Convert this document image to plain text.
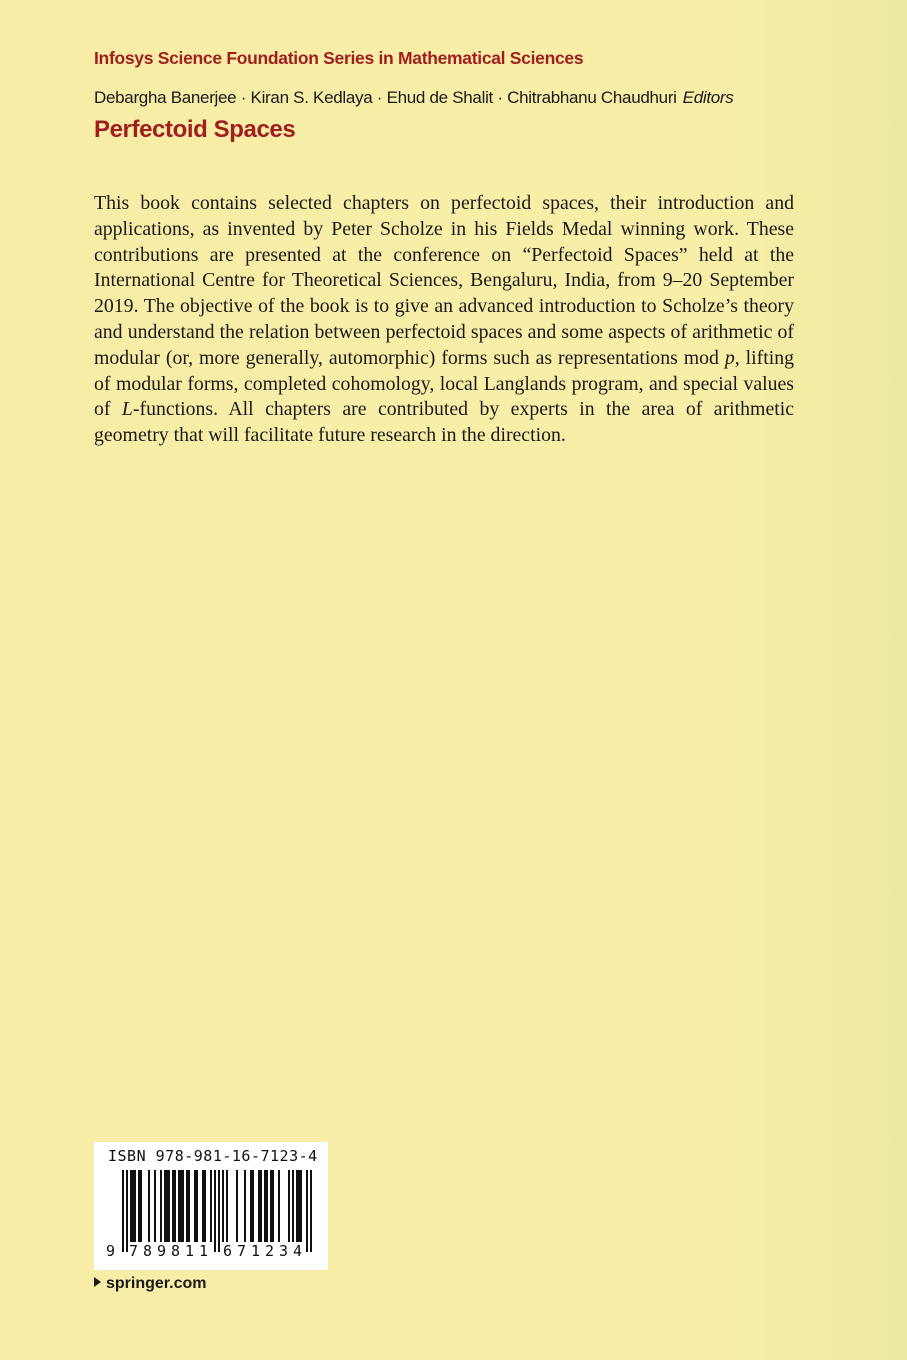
Infosys Science Foundation Series in Mathematical Sciences
Debargha Banerjee · Kiran S. Kedlaya · Ehud de Shalit · Chitrabhanu Chaudhuri Editors
Perfectoid Spaces

This book contains selected chapters on perfectoid spaces, their introduction and applications, as invented by Peter Scholze in his Fields Medal winning work. These contributions are presented at the conference on “Perfectoid Spaces” held at the International Centre for Theoretical Sciences, Bengaluru, India, from 9–20 September 2019. The objective of the book is to give an advanced introduction to Scholze’s theory and understand the relation between perfectoid spaces and some aspects of arithmetic of modular (or, more generally, automorphic) forms such as representations mod p, lifting of modular forms, completed cohomology, local Langlands program, and special values of L-functions. All chapters are contributed by experts in the area of arithmetic geometry that will facilitate future research in the direction.

ISBN 978-981-16-7123-4
9 7 8 9 8 1 1 6 7 1 2 3 4
springer.com
